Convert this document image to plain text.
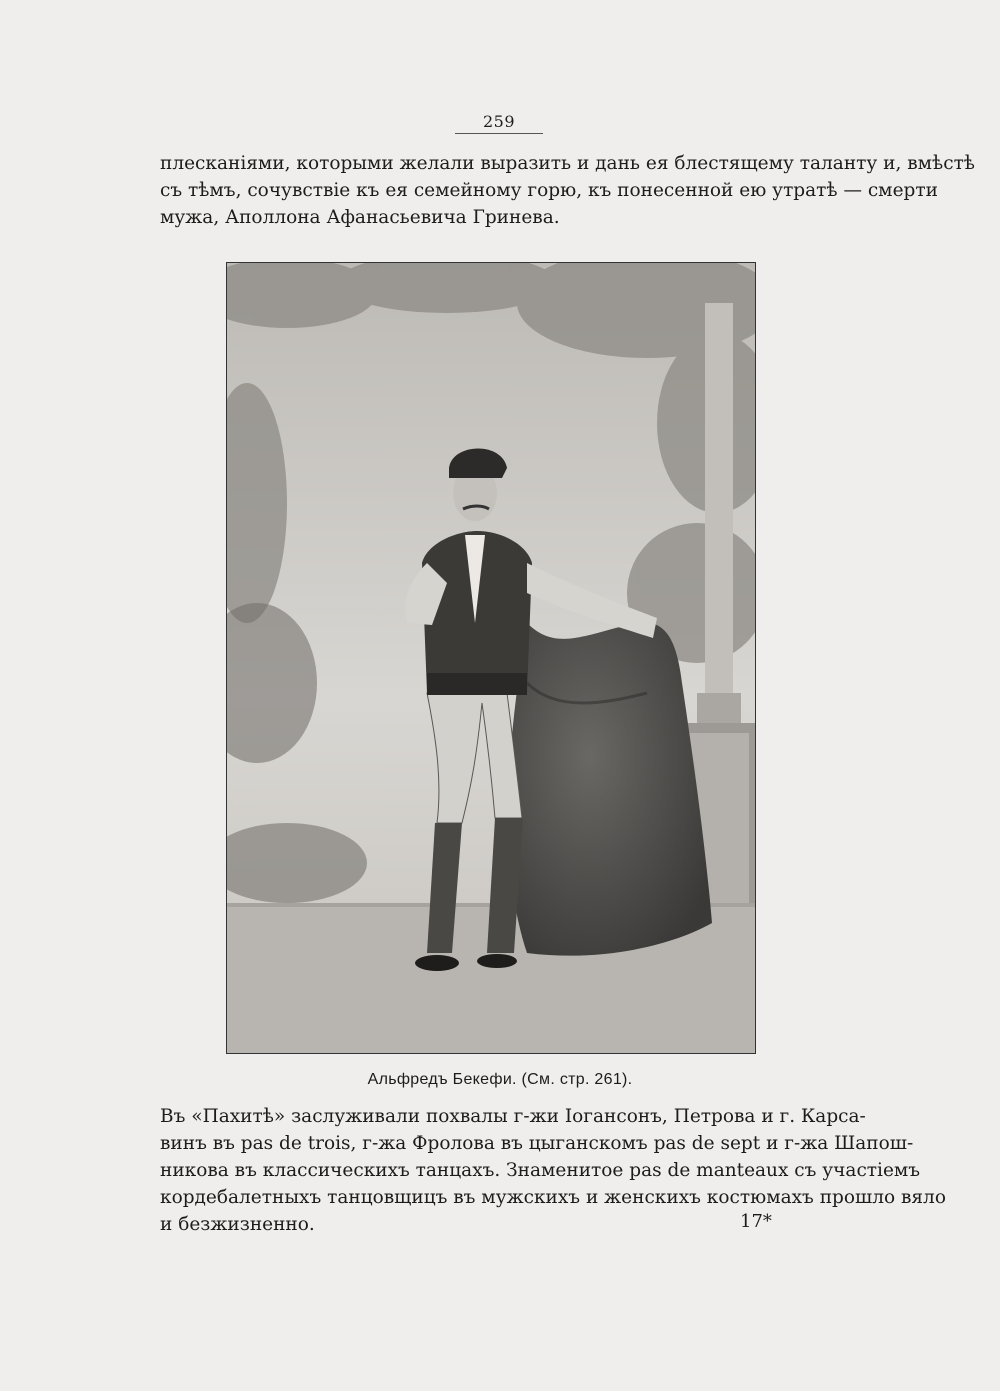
259

плесканіями, которыми желали выразить и дань ея блестящему таланту и, вмѣстѣ
съ тѣмъ, сочувствіе къ ея семейному горю, къ понесенной ею утратѣ — смерти
мужа, Аполлона Афанасьевича Гринева.

Альфредъ Бекефи. (См. стр. 261).

Въ «Пахитѣ» заслуживали похвалы г-жи Іогансонъ, Петрова и г. Карса-
винъ въ pas de trois, г-жа Фролова въ цыганскомъ pas de sept и г-жа Шапош-
никова въ классическихъ танцахъ. Знаменитое pas de manteaux съ участіемъ
кордебалетныхъ танцовщицъ въ мужскихъ и женскихъ костюмахъ прошло вяло
и безжизненно.	17*
